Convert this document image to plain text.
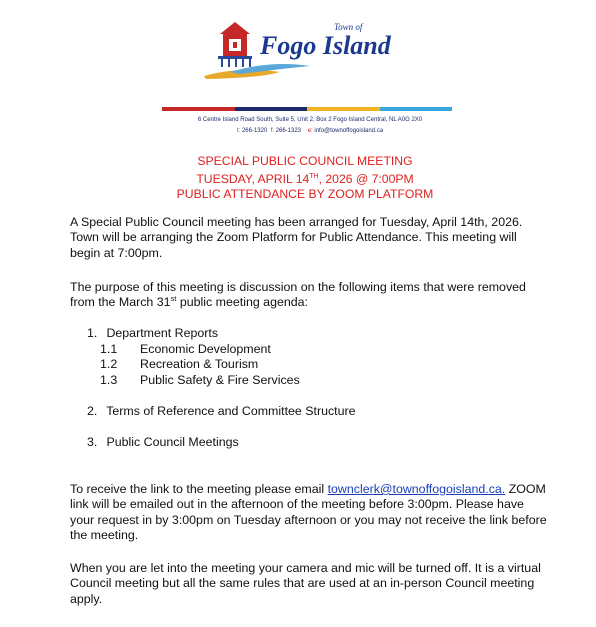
Town of
Fogo Island
6 Centre Island Road South, Suite 5, Unit 2, Box 2 Fogo Island Central, NL A0G 2X0
t: 266-1320 f: 266-1323 e: info@townoffogoisland.ca
SPECIAL PUBLIC COUNCIL MEETING
TUESDAY, APRIL 14TH, 2026 @ 7:00PM
PUBLIC ATTENDANCE BY ZOOM PLATFORM
A Special Public Council meeting has been arranged for Tuesday, April 14th, 2026. Town will be arranging the Zoom Platform for Public Attendance. This meeting will begin at 7:00pm.
The purpose of this meeting is discussion on the following items that were removed from the March 31st public meeting agenda:
1. Department Reports
1.1 Economic Development
1.2 Recreation & Tourism
1.3 Public Safety & Fire Services
2. Terms of Reference and Committee Structure
3. Public Council Meetings
To receive the link to the meeting please email townclerk@townoffogoisland.ca. ZOOM link will be emailed out in the afternoon of the meeting before 3:00pm. Please have your request in by 3:00pm on Tuesday afternoon or you may not receive the link before the meeting.
When you are let into the meeting your camera and mic will be turned off. It is a virtual Council meeting but all the same rules that are used at an in-person Council meeting apply.
